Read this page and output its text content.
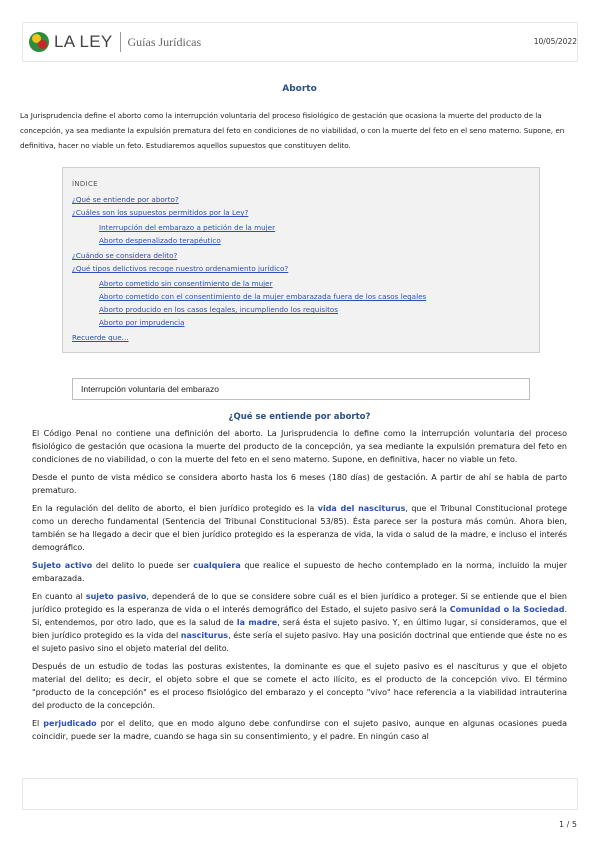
LA LEY Guías Jurídicas	10/05/2022
Aborto
La Jurisprudencia define el aborto como la interrupción voluntaria del proceso fisiológico de gestación que ocasiona la muerte del producto de la concepción, ya sea mediante la expulsión prematura del feto en condiciones de no viabilidad, o con la muerte del feto en el seno materno. Supone, en definitiva, hacer no viable un feto. Estudiaremos aquellos supuestos que constituyen delito.
ÍNDICE
¿Qué se entiende por aborto?
¿Cuáles son los supuestos permitidos por la Ley?
Interrupción del embarazo a petición de la mujer
Aborto despenalizado terapéutico
¿Cuándo se considera delito?
¿Qué tipos delictivos recoge nuestro ordenamiento jurídico?
Aborto cometido sin consentimiento de la mujer
Aborto cometido con el consentimiento de la mujer embarazada fuera de los casos legales
Aborto producido en los casos legales, incumpliendo los requisitos
Aborto por imprudencia
Recuerde que...
Interrupción voluntaria del embarazo
¿Qué se entiende por aborto?

El Código Penal no contiene una definición del aborto. La Jurisprudencia lo define como la interrupción voluntaria del proceso fisiológico de gestación que ocasiona la muerte del producto de la concepción, ya sea mediante la expulsión prematura del feto en condiciones de no viabilidad, o con la muerte del feto en el seno materno. Supone, en definitiva, hacer no viable un feto.

Desde el punto de vista médico se considera aborto hasta los 6 meses (180 días) de gestación. A partir de ahí se habla de parto prematuro.

En la regulación del delito de aborto, el bien jurídico protegido es la vida del nasciturus, que el Tribunal Constitucional protege como un derecho fundamental (Sentencia del Tribunal Constitucional 53/85). Ésta parece ser la postura más común. Ahora bien, también se ha llegado a decir que el bien jurídico protegido es la esperanza de vida, la vida o salud de la madre, e incluso el interés demográfico.

Sujeto activo del delito lo puede ser cualquiera que realice el supuesto de hecho contemplado en la norma, incluido la mujer embarazada.

En cuanto al sujeto pasivo, dependerá de lo que se considere sobre cuál es el bien jurídico a proteger. Si se entiende que el bien jurídico protegido es la esperanza de vida o el interés demográfico del Estado, el sujeto pasivo será la Comunidad o la Sociedad. Si, entendemos, por otro lado, que es la salud de la madre, será ésta el sujeto pasivo. Y, en último lugar, si consideramos, que el bien jurídico protegido es la vida del nasciturus, éste sería el sujeto pasivo. Hay una posición doctrinal que entiende que éste no es el sujeto pasivo sino el objeto material del delito.

Después de un estudio de todas las posturas existentes, la dominante es que el sujeto pasivo es el nasciturus y que el objeto material del delito; es decir, el objeto sobre el que se comete el acto ilícito, es el producto de la concepción vivo. El término "producto de la concepción" es el proceso fisiológico del embarazo y el concepto "vivo" hace referencia a la viabilidad intrauterina del producto de la concepción.

El perjudicado por el delito, que en modo alguno debe confundirse con el sujeto pasivo, aunque en algunas ocasiones pueda coincidir, puede ser la madre, cuando se haga sin su consentimiento, y el padre. En ningún caso al

1 / 5
